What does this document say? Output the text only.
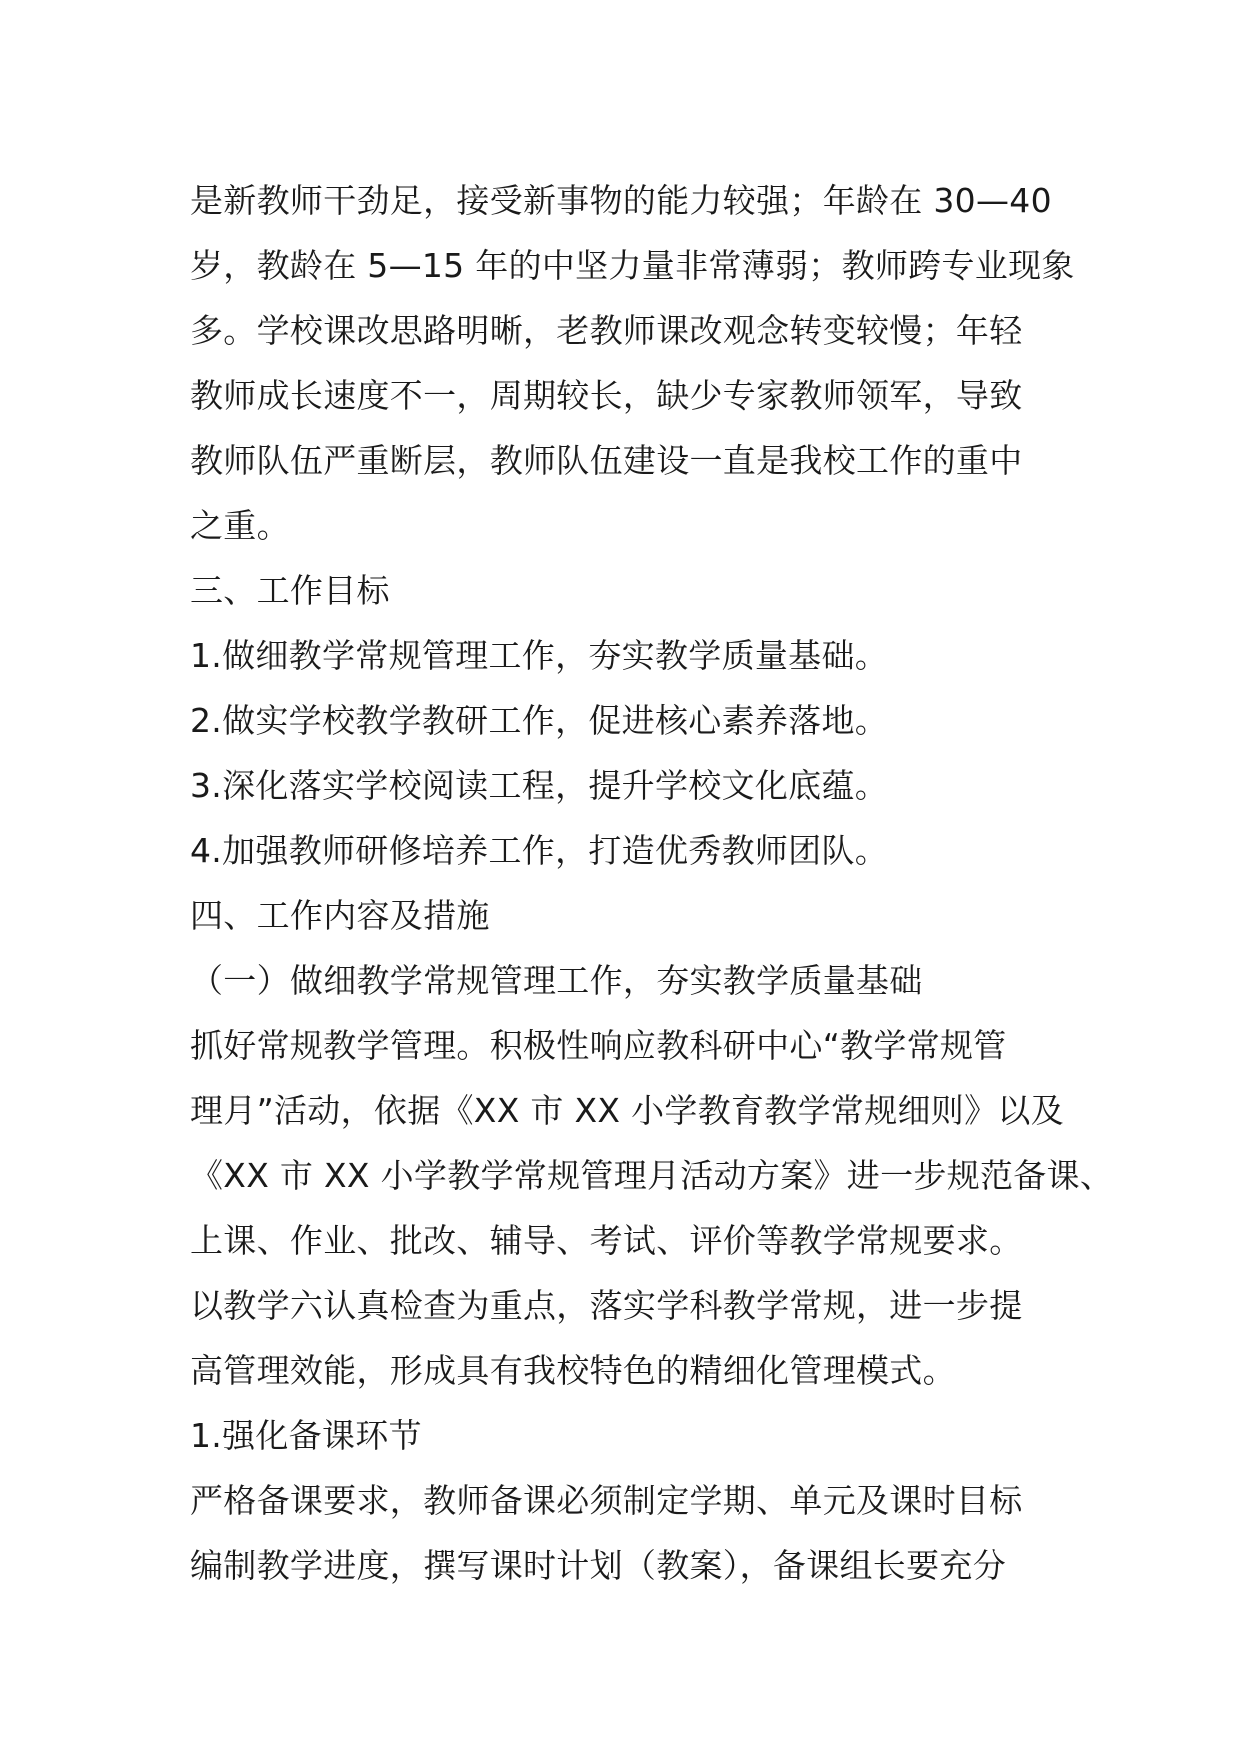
是新教师干劲足，接受新事物的能力较强；年龄在 30—40
岁，教龄在 5—15 年的中坚力量非常薄弱；教师跨专业现象
多。学校课改思路明晰，老教师课改观念转变较慢；年轻
教师成长速度不一，周期较长，缺少专家教师领军，导致
教师队伍严重断层，教师队伍建设一直是我校工作的重中
之重。
三、工作目标
1.做细教学常规管理工作，夯实教学质量基础。
2.做实学校教学教研工作，促进核心素养落地。
3.深化落实学校阅读工程，提升学校文化底蕴。
4.加强教师研修培养工作，打造优秀教师团队。
四、工作内容及措施
（一）做细教学常规管理工作，夯实教学质量基础
抓好常规教学管理。积极性响应教科研中心“教学常规管
理月”活动，依据《XX 市 XX 小学教育教学常规细则》以及
《XX 市 XX 小学教学常规管理月活动方案》进一步规范备课、
上课、作业、批改、辅导、考试、评价等教学常规要求。
以教学六认真检查为重点，落实学科教学常规，进一步提
高管理效能，形成具有我校特色的精细化管理模式。
1.强化备课环节
严格备课要求，教师备课必须制定学期、单元及课时目标
编制教学进度，撰写课时计划（教案），备课组长要充分
